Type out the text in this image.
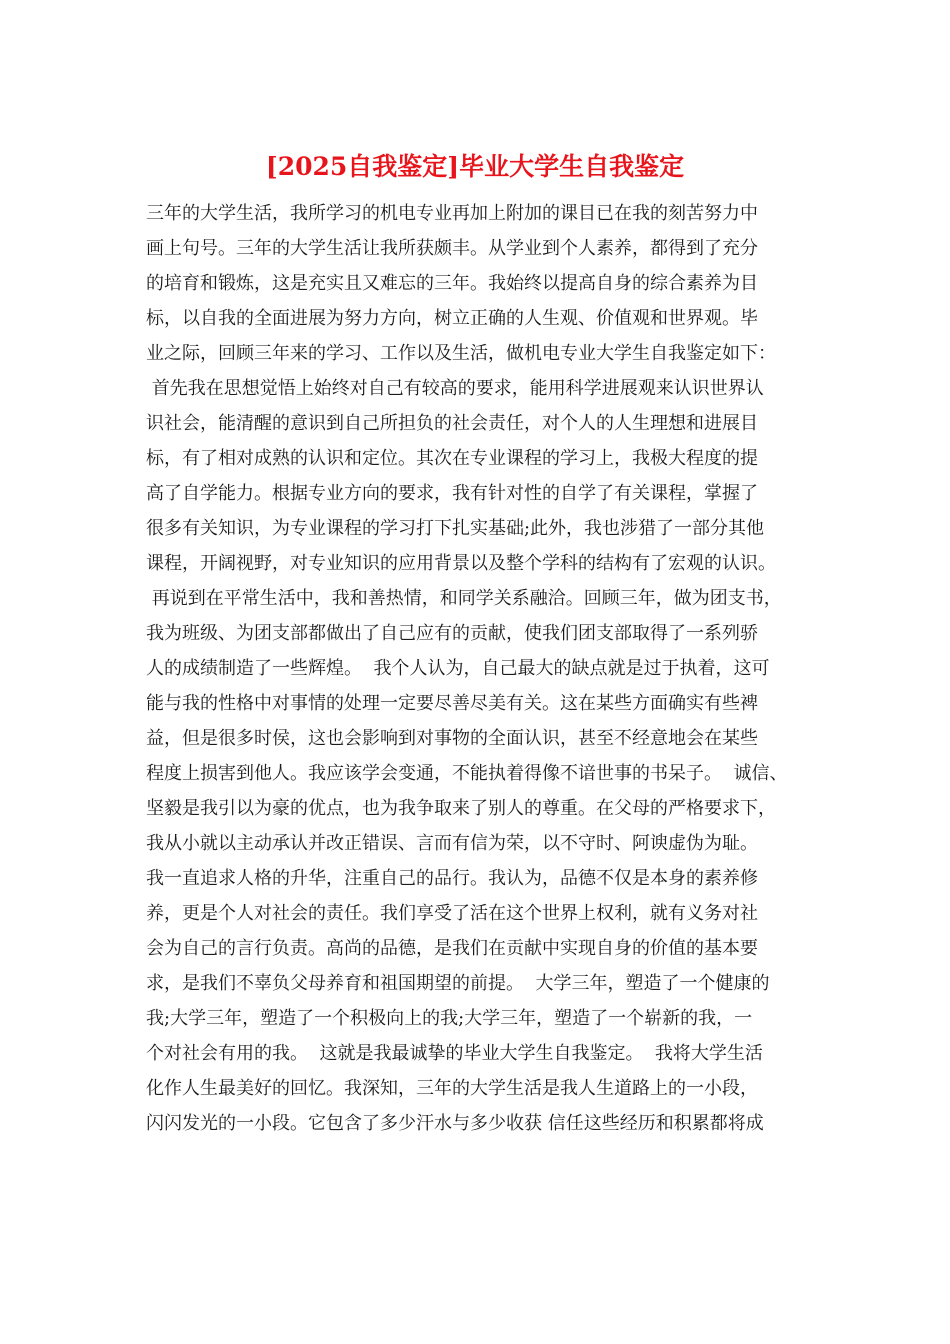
[2025自我鉴定]毕业大学生自我鉴定
三年的大学生活，我所学习的机电专业再加上附加的课目已在我的刻苦努力中
画上句号。三年的大学生活让我所获颇丰。从学业到个人素养，都得到了充分
的培育和锻炼，这是充实且又难忘的三年。我始终以提高自身的综合素养为目
标，以自我的全面进展为努力方向，树立正确的人生观、价值观和世界观。毕
业之际，回顾三年来的学习、工作以及生活，做机电专业大学生自我鉴定如下：
首先我在思想觉悟上始终对自己有较高的要求，能用科学进展观来认识世界认
识社会，能清醒的意识到自己所担负的社会责任，对个人的人生理想和进展目
标，有了相对成熟的认识和定位。其次在专业课程的学习上，我极大程度的提
高了自学能力。根据专业方向的要求，我有针对性的自学了有关课程，掌握了
很多有关知识，为专业课程的学习打下扎实基础;此外，我也涉猎了一部分其他
课程，开阔视野，对专业知识的应用背景以及整个学科的结构有了宏观的认识。
再说到在平常生活中，我和善热情，和同学关系融洽。回顾三年，做为团支书，
我为班级、为团支部都做出了自己应有的贡献，使我们团支部取得了一系列骄
人的成绩制造了一些辉煌。  我个人认为，自己最大的缺点就是过于执着，这可
能与我的性格中对事情的处理一定要尽善尽美有关。这在某些方面确实有些裨
益，但是很多时侯，这也会影响到对事物的全面认识，甚至不经意地会在某些
程度上损害到他人。我应该学会变通，不能执着得像不谙世事的书呆子。  诚信、
坚毅是我引以为豪的优点，也为我争取来了别人的尊重。在父母的严格要求下，
我从小就以主动承认并改正错误、言而有信为荣，以不守时、阿谀虚伪为耻。
我一直追求人格的升华，注重自己的品行。我认为，品德不仅是本身的素养修
养，更是个人对社会的责任。我们享受了活在这个世界上权利，就有义务对社
会为自己的言行负责。高尚的品德，是我们在贡献中实现自身的价值的基本要
求，是我们不辜负父母养育和祖国期望的前提。  大学三年，塑造了一个健康的
我;大学三年，塑造了一个积极向上的我;大学三年，塑造了一个崭新的我，一
个对社会有用的我。  这就是我最诚挚的毕业大学生自我鉴定。  我将大学生活
化作人生最美好的回忆。我深知，三年的大学生活是我人生道路上的一小段，
闪闪发光的一小段。它包含了多少汗水与多少收获 信任这些经历和积累都将成
